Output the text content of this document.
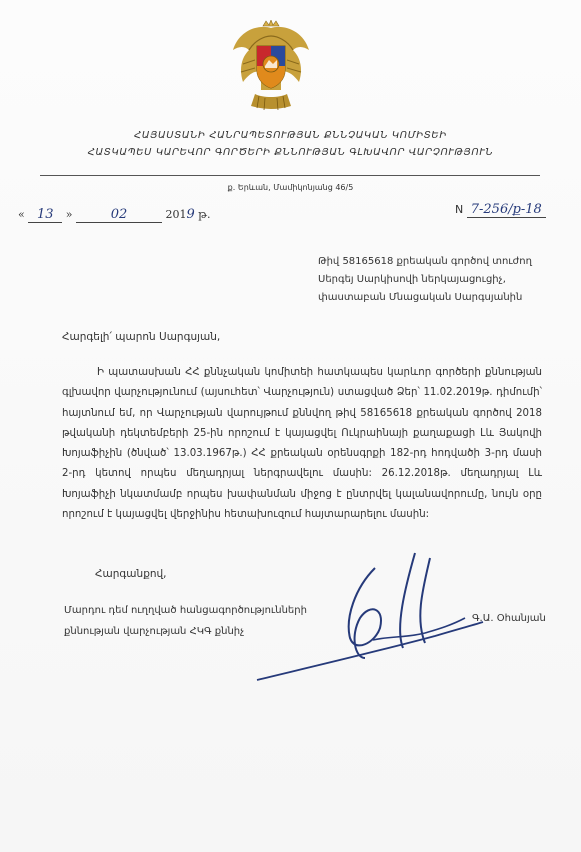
ՀԱՅԱՍՏԱՆԻ ՀԱՆՐԱՊԵՏՈՒԹՅԱՆ ՔՆՆՉԱԿԱՆ ԿՈՄԻՏԵԻ
ՀԱՏԿԱՊԵՍ ԿԱՐԵՎՈՐ ԳՈՐԾԵՐԻ ՔՆՆՈՒԹՅԱՆ ԳԼԽԱՎՈՐ ՎԱՐՉՈՒԹՅՈՒՆ
ք. Երևան, Մամիկոնյանց 46/5
« 13 »	02	2019 թ.	N 7-256/ք-18
Թիվ 58165618 քրեական գործով տուժող
Սերգեյ Սարկիսովի ներկայացուցիչ,
փաստաբան Մնացական Սարգսյանին
Հարգելի՛ պարոն Սարգսյան,
Ի պատասխան ՀՀ քննչական կոմիտեի հատկապես կարևոր գործերի քննության գլխավոր վարչությունում (այսուհետ՝ Վարչություն) ստացված Ձեր՝ 11.02.2019թ. դիմումի՝ հայտնում եմ, որ Վարչության վարույթում քննվող թիվ 58165618 քրեական գործով 2018 թվականի դեկտեմբերի 25-ին որոշում է կայացվել Ուկրաինայի քաղաքացի Լև Յակովի Խոյաֆիչին (ծնված՝ 13.03.1967թ.) ՀՀ քրեական օրենսգրքի 182-րդ հոդվածի 3-րդ մասի 2-րդ կետով որպես մեղադրյալ ներգրավելու մասին: 26.12.2018թ. մեղադրյալ Լև Խոյաֆիչի նկատմամբ որպես խափանման միջոց է ընտրվել կալանավորումը, նույն օրը որոշում է կայացվել վերջինիս հետախուզում հայտարարելու մասին:
Հարգանքով,
Մարդու դեմ ուղղված հանցագործությունների
քննության վարչության ՀԿԳ քննիչ
Գ.Ա. Օհանյան
